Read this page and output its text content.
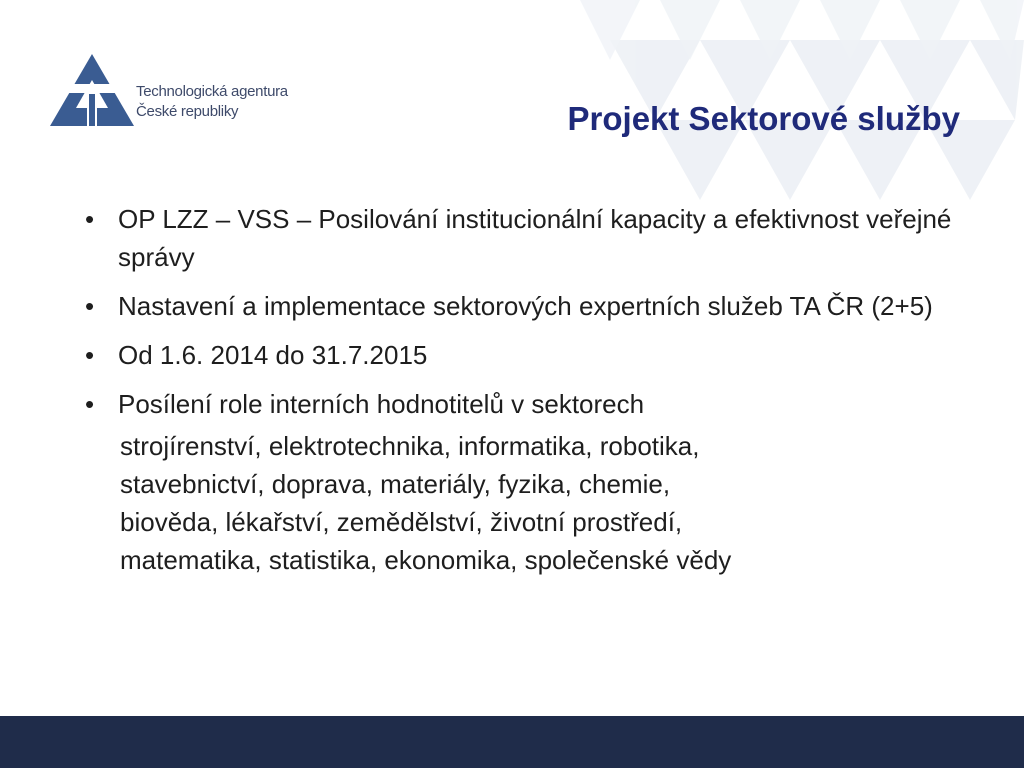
Technologická agentura
České republiky	Projekt Sektorové služby
• OP LZZ – VSS – Posilování institucionální kapacity a efektivnost veřejné správy
• Nastavení a implementace sektorových expertních služeb TA ČR (2+5)
• Od 1.6. 2014 do 31.7.2015
• Posílení role interních hodnotitelů v sektorech
strojírenství, elektrotechnika, informatika, robotika,
stavebnictví, doprava, materiály, fyzika, chemie,
biověda, lékařství, zemědělství, životní prostředí,
matematika, statistika, ekonomika, společenské vědy
